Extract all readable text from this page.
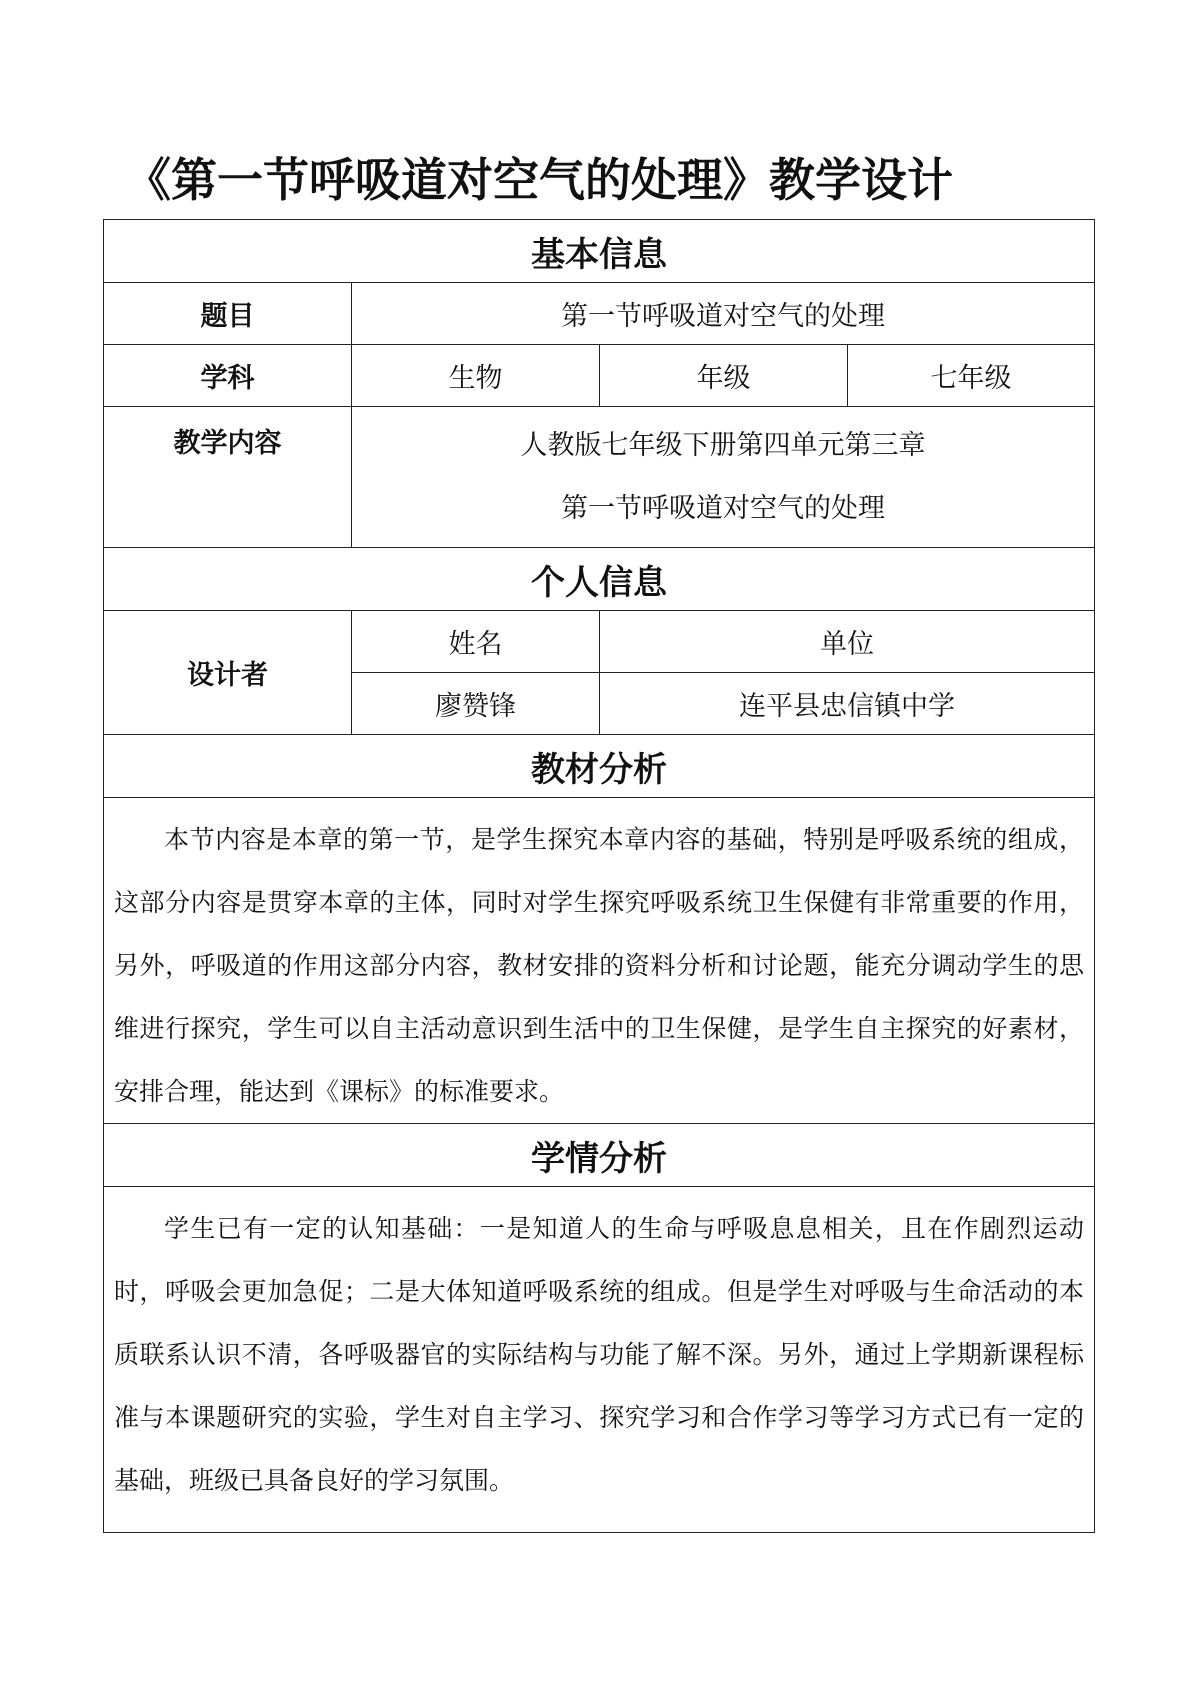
《第一节呼吸道对空气的处理》教学设计
基本信息			
题目	第一节呼吸道对空气的处理		
学科	生物	年级	七年级
教学内容	人教版七年级下册第四单元第三章
第一节呼吸道对空气的处理		

个人信息			
设计者	姓名	单位	
	廖赞锋	连平县忠信镇中学	
教材分析			

本节内容是本章的第一节，是学生探究本章内容的基础，特别是呼吸系统的组成，这部分内容是贯穿本章的主体，同时对学生探究呼吸系统卫生保健有非常重要的作用，另外，呼吸道的作用这部分内容，教材安排的资料分析和讨论题，能充分调动学生的思维进行探究，学生可以自主活动意识到生活中的卫生保健，是学生自主探究的好素材，安排合理，能达到《课标》的标准要求。			

学情分析			

学生已有一定的认知基础：一是知道人的生命与呼吸息息相关，且在作剧烈运动时，呼吸会更加急促；二是大体知道呼吸系统的组成。但是学生对呼吸与生命活动的本质联系认识不清，各呼吸器官的实际结构与功能了解不深。另外，通过上学期新课程标准与本课题研究的实验，学生对自主学习、探究学习和合作学习等学习方式已有一定的基础，班级已具备良好的学习氛围。			
